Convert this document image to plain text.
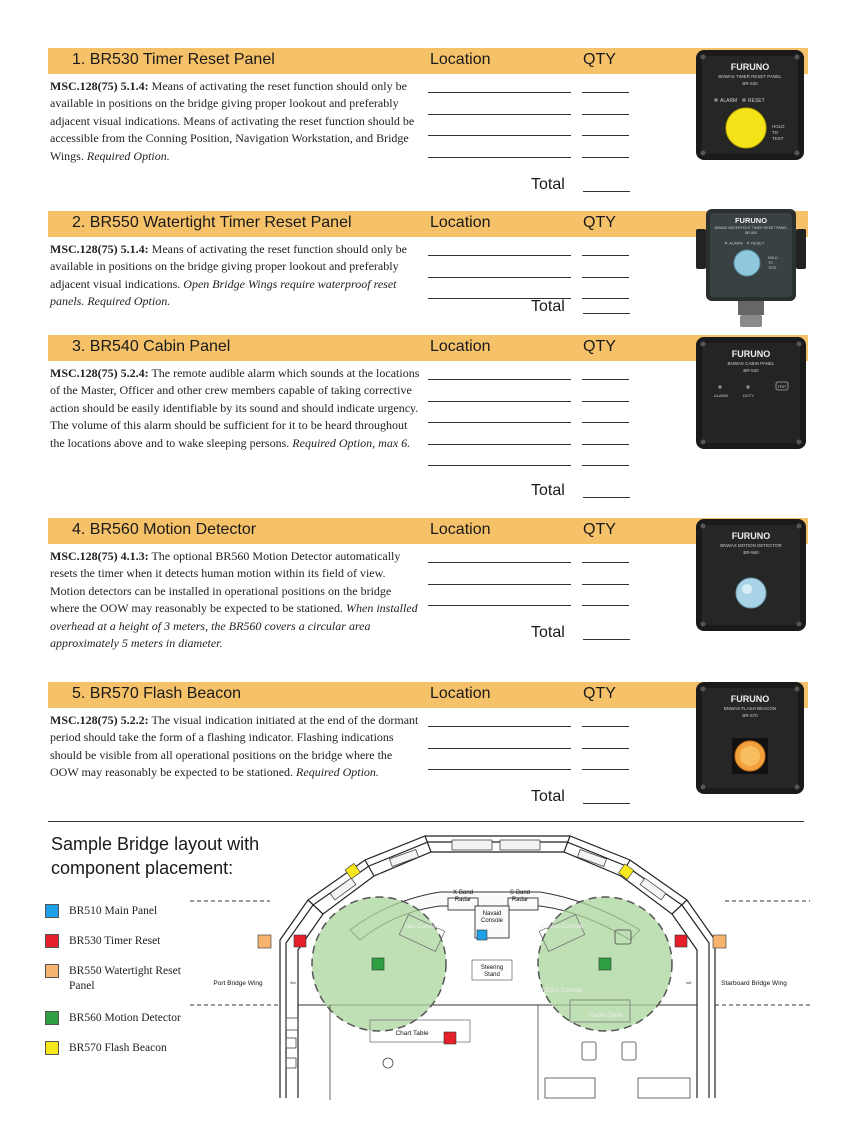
1. BR530 Timer Reset Panel	Location	QTY
MSC.128(75) 5.1.4: Means of activating the reset function should only be available in positions on the bridge giving proper lookout and preferably adjacent visual indications. Means of activating the reset function should be accessible from the Conning Position, Navigation Workstation, and Bridge Wings. Required Option.
Total
FURUNO
BNWAS TIMER RESET PANEL
BR-530
ALARM RESET
HOLD
TO
TEST
2. BR550 Watertight Timer Reset Panel	Location	QTY
MSC.128(75) 5.1.4: Means of activating the reset function should only be available in positions on the bridge giving proper lookout and preferably adjacent visual indications. Open Bridge Wings require waterproof reset panels. Required Option.	Total
FURUNO
BNWAS WATERTIGHT TIMER RESET PANEL
BR-550
ALARM RESET
HOLD
TO
TEST
3. BR540 Cabin Panel	Location	QTY
MSC.128(75) 5.2.4: The remote audible alarm which sounds at the locations of the Master, Officer and other crew members capable of taking corrective action should be easily identifiable by its sound and should indicate urgency. The volume of this alarm should be sufficient for it to be heard throughout the locations above and to wake sleeping persons. Required Option, max 6.
Total
FURUNO
BNWAS CABIN PANEL
BR-540
ALARM	DUTY
TEST
4. BR560 Motion Detector	Location	QTY
MSC.128(75) 4.1.3: The optional BR560 Motion Detector automatically resets the timer when it detects human motion within its field of view. Motion detectors can be installed in operational positions on the bridge where the OOW may reasonably be expected to be stationed. When installed overhead at a height of 3 meters, the BR560 covers a circular area approximately 5 meters in diameter.
Total
FURUNO
BNWAS MOTION DETECTOR
BR-560
5. BR570 Flash Beacon	Location	QTY
MSC.128(75) 5.2.2: The visual indication initiated at the end of the dormant period should take the form of a flashing indicator. Flashing indications should be visible from all operational positions on the bridge where the OOW may reasonably be expected to be stationed. Required Option.
Total
FURUNO
BNWAS FLASH BEACON
BR-570
Sample Bridge layout with component placement:
BR510 Main Panel
BR530 Timer Reset
BR550 Watertight Reset Panel
BR560 Motion Detector
BR570 Flash Beacon
X-Band
Radar
S-Band
Radar
Navaid
Console
Port Bridge Wing	Starboard Bridge Wing
⇦	⇨
Nav Console	Survey Console
Steering
Stand
GMDSS Console
Radio Table
Chart Table
